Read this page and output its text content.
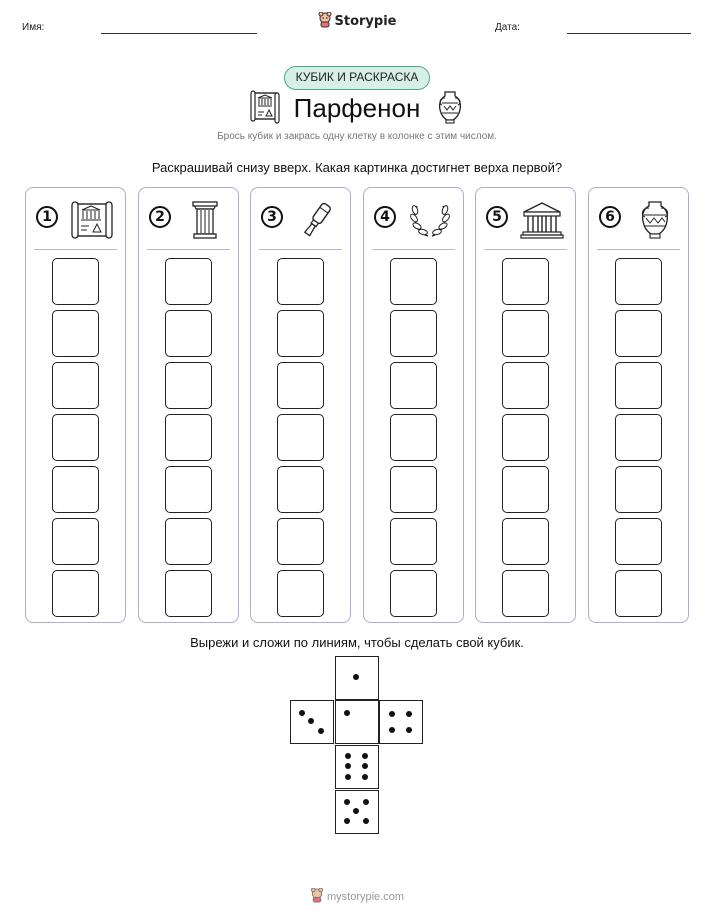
Имя:	Storypie	Дата:
КУБИК И РАСКРАСКА
Парфенон
Брось кубик и закрась одну клетку в колонке с этим числом.
Раскрашивай снизу вверх. Какая картинка достигнет верха первой?
1	2	3	4	5	6
Вырежи и сложи по линиям, чтобы сделать свой кубик.
mystorypie.com
